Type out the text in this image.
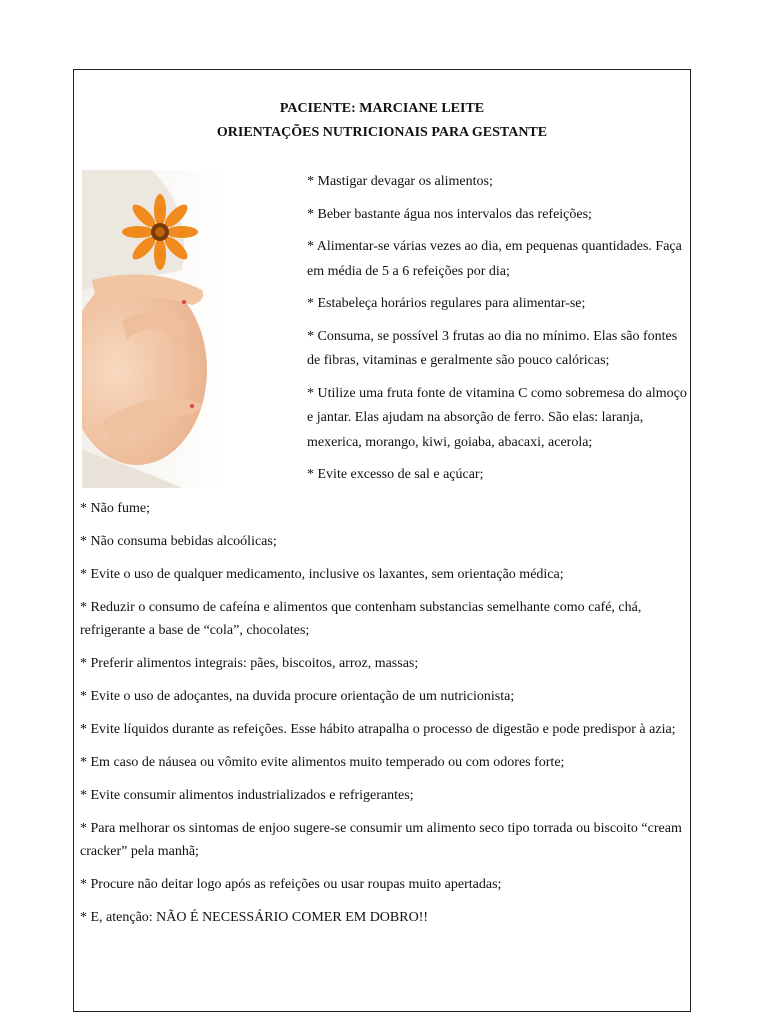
PACIENTE: MARCIANE LEITE
ORIENTAÇÕES NUTRICIONAIS PARA GESTANTE

* Mastigar devagar os alimentos;

* Beber bastante água nos intervalos das refeições;

* Alimentar-se várias vezes ao dia, em pequenas quantidades. Faça em média de 5 a 6 refeições por dia;

* Estabeleça horários regulares para alimentar-se;

* Consuma, se possível 3 frutas ao dia no mínimo. Elas são fontes de fibras, vitaminas e geralmente são pouco calóricas;

* Utilize uma fruta fonte de vitamina C como sobremesa do almoço e jantar. Elas ajudam na absorção de ferro. São elas: laranja, mexerica, morango, kiwi, goiaba, abacaxi, acerola;

* Evite excesso de sal e açúcar;

* Não fume;

* Não consuma bebidas alcoólicas;

* Evite o uso de qualquer medicamento, inclusive os laxantes, sem orientação médica;

* Reduzir o consumo de cafeína e alimentos que contenham substancias semelhante como café, chá, refrigerante a base de “cola”, chocolates;

* Preferir alimentos integrais: pães, biscoitos, arroz, massas;

* Evite o uso de adoçantes, na duvida procure orientação de um nutricionista;

* Evite líquidos durante as refeições. Esse hábito atrapalha o processo de digestão e pode predispor à azia;

* Em caso de náusea ou vômito evite alimentos muito temperado ou com odores forte;

* Evite consumir alimentos industrializados e refrigerantes;

* Para melhorar os sintomas de enjoo sugere-se consumir um alimento seco tipo torrada ou biscoito “cream cracker” pela manhã;

* Procure não deitar logo após as refeições ou usar roupas muito apertadas;

* E, atenção: NÃO É NECESSÁRIO COMER EM DOBRO!!
